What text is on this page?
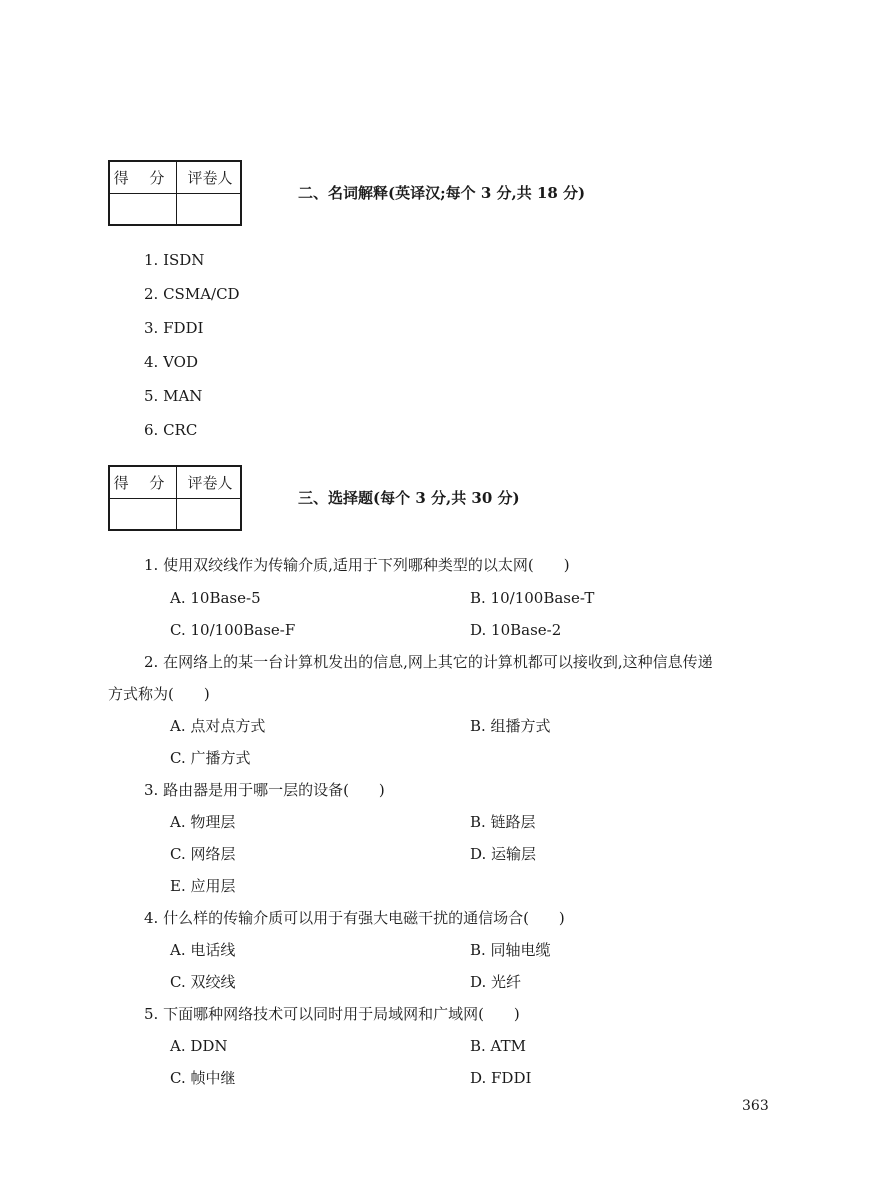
得 分	评卷人
二、名词解释(英译汉;每个 3 分,共 18 分)
1. ISDN
2. CSMA/CD
3. FDDI
4. VOD
5. MAN
6. CRC
得 分	评卷人
三、选择题(每个 3 分,共 30 分)
1. 使用双绞线作为传输介质,适用于下列哪种类型的以太网(　　)
A. 10Base-5	B. 10/100Base-T
C. 10/100Base-F	D. 10Base-2
2. 在网络上的某一台计算机发出的信息,网上其它的计算机都可以接收到,这种信息传递
方式称为(　　)
A. 点对点方式	B. 组播方式
C. 广播方式
3. 路由器是用于哪一层的设备(　　)
A. 物理层	B. 链路层
C. 网络层	D. 运输层
E. 应用层
4. 什么样的传输介质可以用于有强大电磁干扰的通信场合(　　)
A. 电话线	B. 同轴电缆
C. 双绞线	D. 光纤
5. 下面哪种网络技术可以同时用于局域网和广域网(　　)
A. DDN	B. ATM
C. 帧中继	D. FDDI
363
